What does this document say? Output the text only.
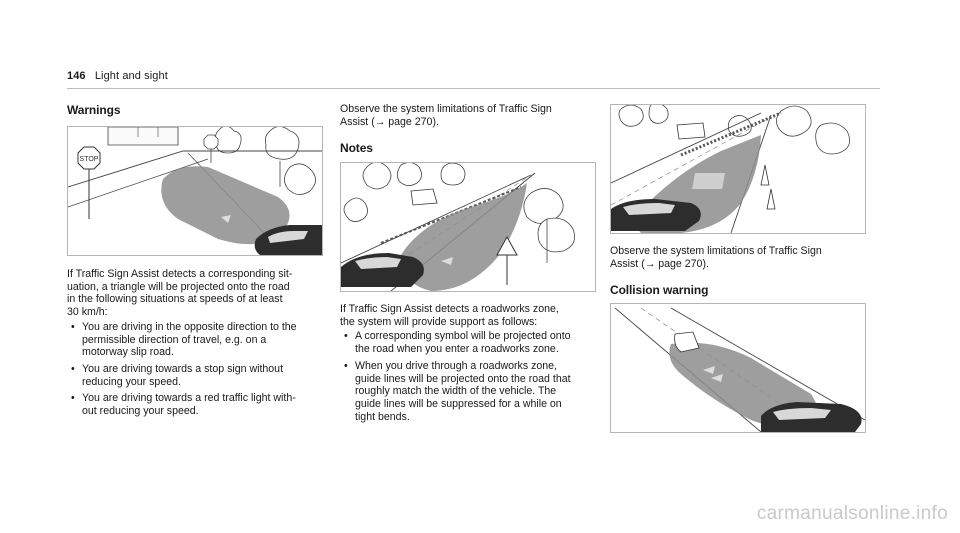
146 Light and sight
Warnings
STOP

If Traffic Sign Assist detects a corresponding sit-
uation, a triangle will be projected onto the road
in the following situations at speeds of at least
30 km/h:

• You are driving in the opposite direction to the
permissible direction of travel, e.g. on a
motorway slip road.
• You are driving towards a stop sign without
reducing your speed.
• You are driving towards a red traffic light with-
out reducing your speed.

Observe the system limitations of Traffic Sign
Assist (→ page 270).

Notes

If Traffic Sign Assist detects a roadworks zone,
the system will provide support as follows:

• A corresponding symbol will be projected onto
the road when you enter a roadworks zone.
• When you drive through a roadworks zone,
guide lines will be projected onto the road that
roughly match the width of the vehicle. The
guide lines will be suppressed for a while on
tight bends.

Observe the system limitations of Traffic Sign
Assist (→ page 270).

Collision warning
carmanualsonline.info
